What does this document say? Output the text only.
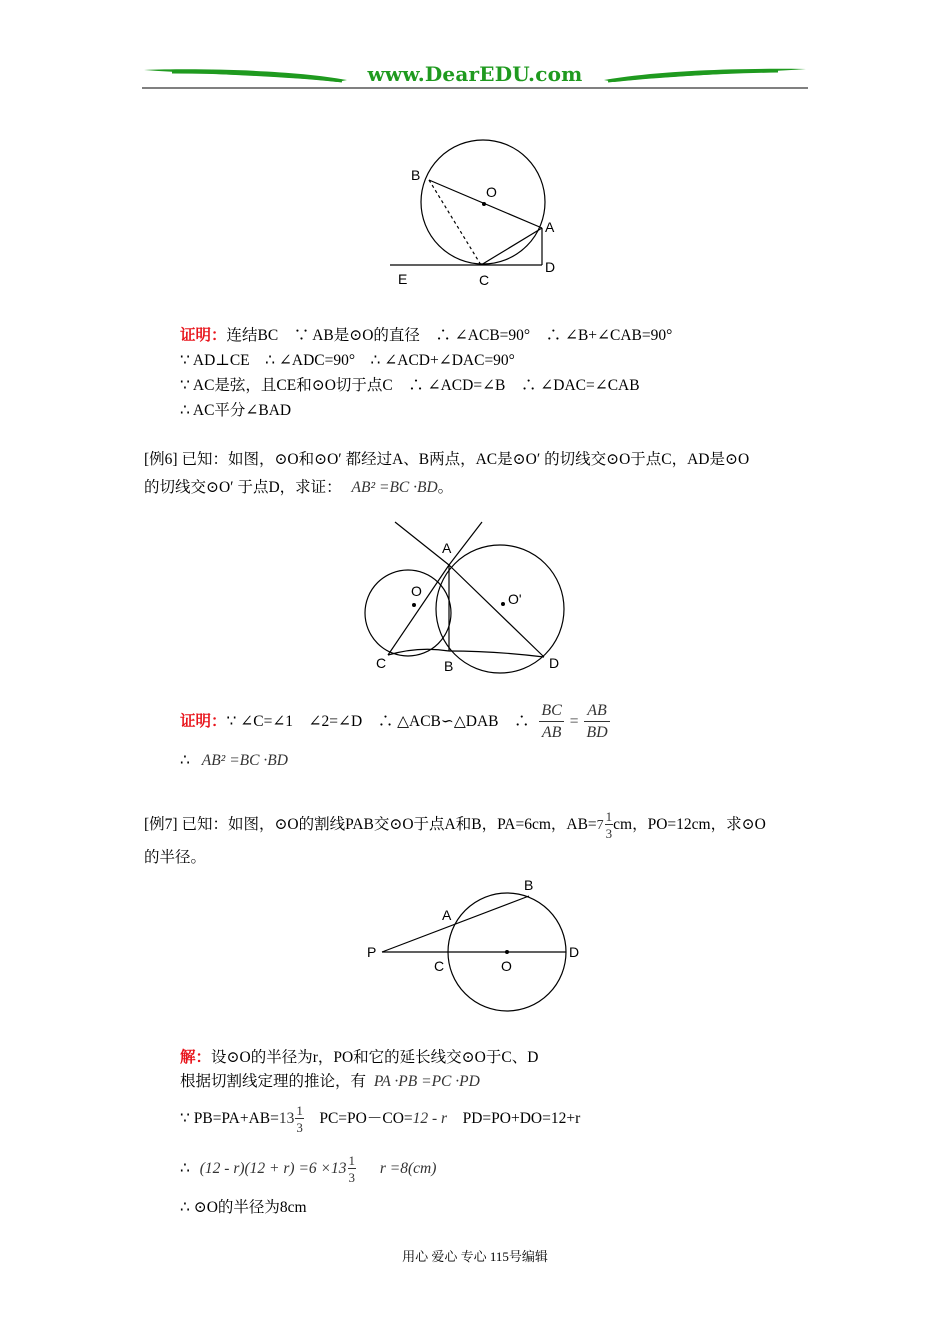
www.DearEDU.com
B
O
A
E	C
D
证明：连结BC　∵ AB是⊙O的直径　∴ ∠ACB=90°　∴ ∠B+∠CAB=90°
∵ AD⊥CE　∴ ∠ADC=90°　∴ ∠ACD+∠DAC=90°
∵ AC是弦，且CE和⊙O切于点C　∴ ∠ACD=∠B　∴ ∠DAC=∠CAB
∴ AC平分∠BAD
[例6] 已知：如图，⊙O和⊙O′ 都经过A、B两点，AC是⊙O′ 的切线交⊙O于点C，AD是⊙O
的切线交⊙O′ 于点D，求证： AB² =BC ·BD。
A
O	O'
C	B	D
证明：∵ ∠C=∠1　∠2=∠D　∴ △ACB∽△DAB　∴ $\frac{BC}{AB} = \frac{AB}{BD}$
∴ AB² =BC ·BD
[例7] 已知：如图，⊙O的割线PAB交⊙O于点A和B，PA=6cm，$AB=7 \frac{1}{3}$ cm，PO=12cm，求⊙O
的半径。
B
A
P
C	O
D
解：设⊙O的半径为r，PO和它的延长线交⊙O于C、D
根据切割线定理的推论，有 PA ·PB =PC ·PD
∵ $PB=PA+AB=13 \frac{1}{3}$ 　PC=PO－CO=12 - r　PD=PO+DO=12+r
∴ $(12 - r)(12 + r) =6 \times 13 \frac{1}{3}$ r =8(cm)
∴ ⊙O的半径为8cm
用心 爱心 专心 115号编辑
